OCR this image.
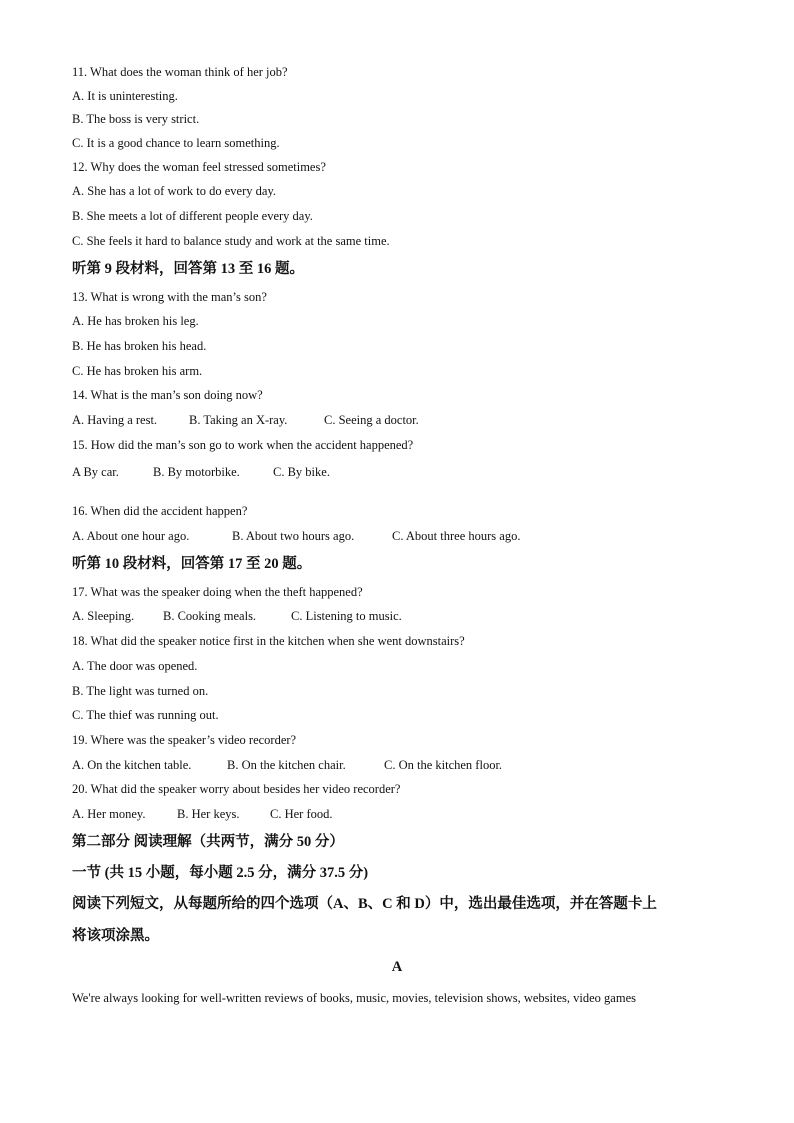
11. What does the woman think of her job?
A. It is uninteresting.
B. The boss is very strict.
C. It is a good chance to learn something.
12. Why does the woman feel stressed sometimes?
A. She has a lot of work to do every day.
B. She meets a lot of different people every day.
C. She feels it hard to balance study and work at the same time.
听第 9 段材料，回答第 13 至 16 题。
13. What is wrong with the man’s son?
A. He has broken his leg.
B. He has broken his head.
C. He has broken his arm.
14. What is the man’s son doing now?
A. Having a rest.	B. Taking an X-ray.	C. Seeing a doctor.
15. How did the man’s son go to work when the accident happened?
A By car.	B. By motorbike.	C. By bike.
16. When did the accident happen?
A. About one hour ago.	B. About two hours ago.	C. About three hours ago.
听第 10 段材料，回答第 17 至 20 题。
17. What was the speaker doing when the theft happened?
A. Sleeping. B. Cooking meals.	C. Listening to music.
18. What did the speaker notice first in the kitchen when she went downstairs?
A. The door was opened.
B. The light was turned on.
C. The thief was running out.
19. Where was the speaker’s video recorder?
A. On the kitchen table.	B. On the kitchen chair.	C. On the kitchen floor.
20. What did the speaker worry about besides her video recorder?
A. Her money.	B. Her keys. C. Her food.
第二部分 阅读理解（共两节，满分 50 分）
一节 (共 15 小题，每小题 2.5 分，满分 37.5 分)
阅读下列短文，从每题所给的四个选项（A、B、C 和 D）中，选出最佳选项，并在答题卡上
将该项涂黑。
A
We're always looking for well-written reviews of books, music, movies, television shows, websites, video games
